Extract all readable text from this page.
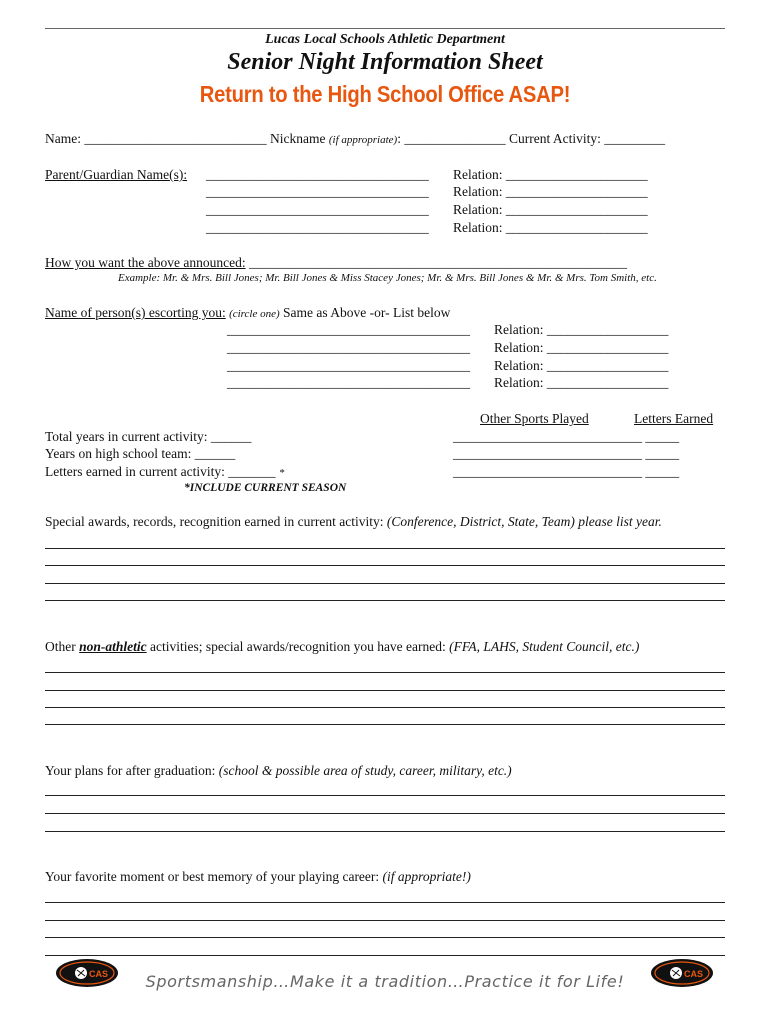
Lucas Local Schools Athletic Department
Senior Night Information Sheet
Return to the High School Office ASAP!
Name: ___________________________ Nickname (if appropriate): _______________ Current Activity: _________
Parent/Guardian Name(s): _________________________________ Relation: _____________________
_________________________________ Relation: _____________________
_________________________________ Relation: _____________________
_________________________________ Relation: _____________________
How you want the above announced: ________________________________________________________
Example: Mr. & Mrs. Bill Jones; Mr. Bill Jones & Miss Stacey Jones; Mr. & Mrs. Bill Jones & Mr. & Mrs. Tom Smith, etc.
Name of person(s) escorting you: (circle one) Same as Above -or- List below
____________________________________ Relation: __________________
____________________________________ Relation: __________________
____________________________________ Relation: __________________
____________________________________ Relation: __________________
Other Sports Played	Letters Earned
Total years in current activity: ______
Years on high school team: ______
Letters earned in current activity: _______ *
*INCLUDE CURRENT SEASON
____________________________ _____
____________________________ _____
____________________________ _____
Special awards, records, recognition earned in current activity: (Conference, District, State, Team) please list year.
Other non-athletic activities; special awards/recognition you have earned: (FFA, LAHS, Student Council, etc.)
Your plans for after graduation: (school & possible area of study, career, military, etc.)
Your favorite moment or best memory of your playing career: (if appropriate!)
CAS	CAS
Sportsmanship…Make it a tradition…Practice it for Life!
